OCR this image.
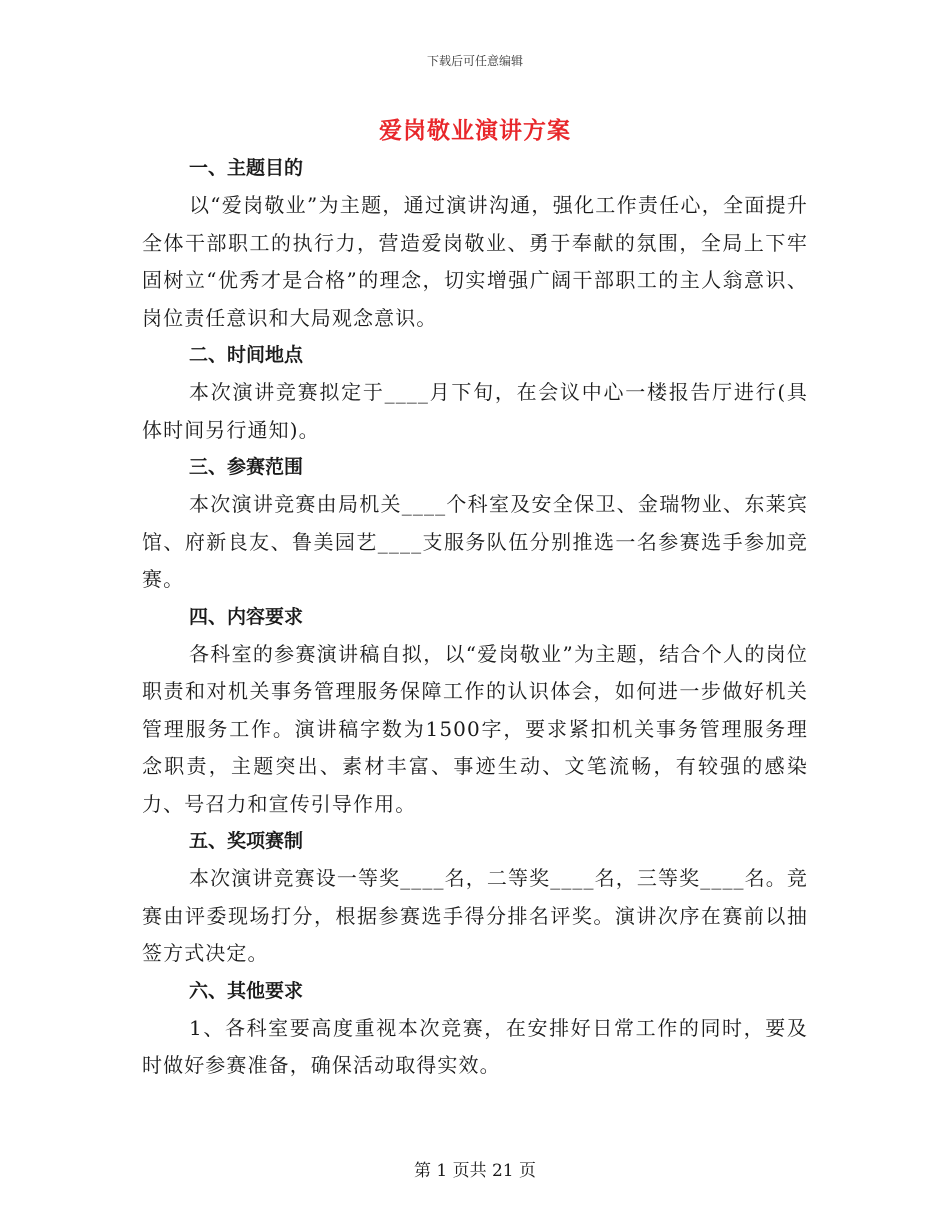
下载后可任意编辑
爱岗敬业演讲方案
一、主题目的

以“爱岗敬业”为主题，通过演讲沟通，强化工作责任心，全面提升全体干部职工的执行力，营造爱岗敬业、勇于奉献的氛围，全局上下牢固树立“优秀才是合格”的理念，切实增强广阔干部职工的主人翁意识、岗位责任意识和大局观念意识。

二、时间地点

本次演讲竞赛拟定于____月下旬，在会议中心一楼报告厅进行(具体时间另行通知)。

三、参赛范围

本次演讲竞赛由局机关____个科室及安全保卫、金瑞物业、东莱宾馆、府新良友、鲁美园艺____支服务队伍分别推选一名参赛选手参加竞赛。

四、内容要求

各科室的参赛演讲稿自拟，以“爱岗敬业”为主题，结合个人的岗位职责和对机关事务管理服务保障工作的认识体会，如何进一步做好机关管理服务工作。演讲稿字数为1500字，要求紧扣机关事务管理服务理念职责，主题突出、素材丰富、事迹生动、文笔流畅，有较强的感染力、号召力和宣传引导作用。

五、奖项赛制

本次演讲竞赛设一等奖____名，二等奖____名，三等奖____名。竞赛由评委现场打分，根据参赛选手得分排名评奖。演讲次序在赛前以抽签方式决定。

六、其他要求

1、各科室要高度重视本次竞赛，在安排好日常工作的同时，要及时做好参赛准备，确保活动取得实效。

第 1 页共 21 页
